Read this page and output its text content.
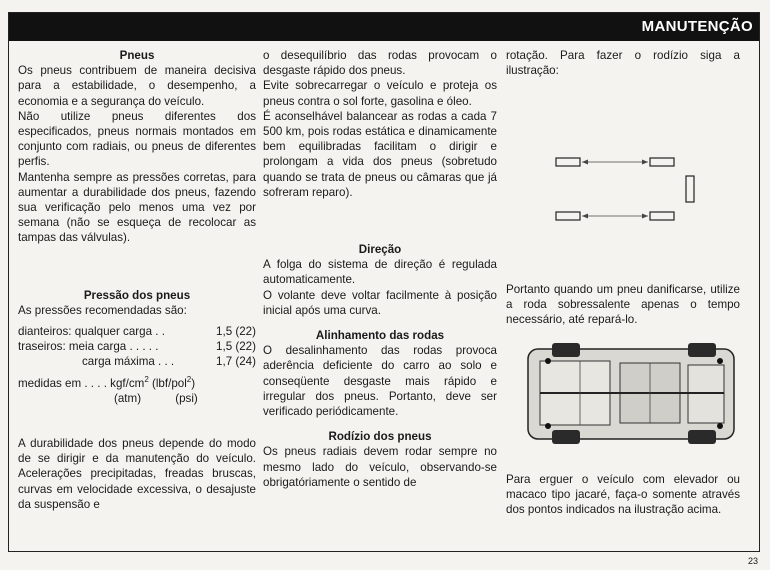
MANUTENÇÃO
Pneus

Os pneus contribuem de maneira decisiva para a estabilidade, o desempenho, a economia e a segurança do veículo.

Não utilize pneus diferentes dos especificados, pneus normais montados em conjunto com radiais, ou pneus de diferentes perfis.

Mantenha sempre as pressões corretas, para aumentar a durabilidade dos pneus, fazendo sua verificação pelo menos uma vez por semana (não se esqueça de recolocar as tampas das válvulas).

Pressão dos pneus

As pressões recomendadas são:

dianteiros: qualquer carga . .	1,5 (22)
traseiros: meia carga . . . . .	1,5 (22)
carga máxima . . .	1,7 (24)
medidas em . . . . kgf/$cm^2$ (lbf/pol$^2$)
(atm)	(psi)

A durabilidade dos pneus depende do modo de se dirigir e da manutenção do veículo. Acelerações precipitadas, freadas bruscas, curvas em velocidade excessiva, o desajuste da suspensão e

o desequilíbrio das rodas provocam o desgaste rápido dos pneus.

Evite sobrecarregar o veículo e proteja os pneus contra o sol forte, gasolina e óleo.

É aconselhável balancear as rodas a cada 7 500 km, pois rodas estática e dinamicamente bem equilibradas facilitam o dirigir e prolongam a vida dos pneus (sobretudo quando se trata de pneus ou câmaras que já sofreram reparo).

Direção

A folga do sistema de direção é regulada automaticamente.

O volante deve voltar facilmente à posição inicial após uma curva.

Alinhamento das rodas

O desalinhamento das rodas provoca aderência deficiente do carro ao solo e conseqüente desgaste mais rápido e irregular dos pneus. Portanto, deve ser verificado periódicamente.

Rodízio dos pneus

Os pneus radiais devem rodar sempre no mesmo lado do veículo, observando-se obrigatóriamente o sentido de

rotação. Para fazer o rodízio siga a ilustração:

Portanto quando um pneu danificarse, utilize a roda sobressalente apenas o tempo necessário, até repará-lo.

Para erguer o veículo com elevador ou macaco tipo jacaré, faça-o somente através dos pontos indicados na ilustração acima.

23
